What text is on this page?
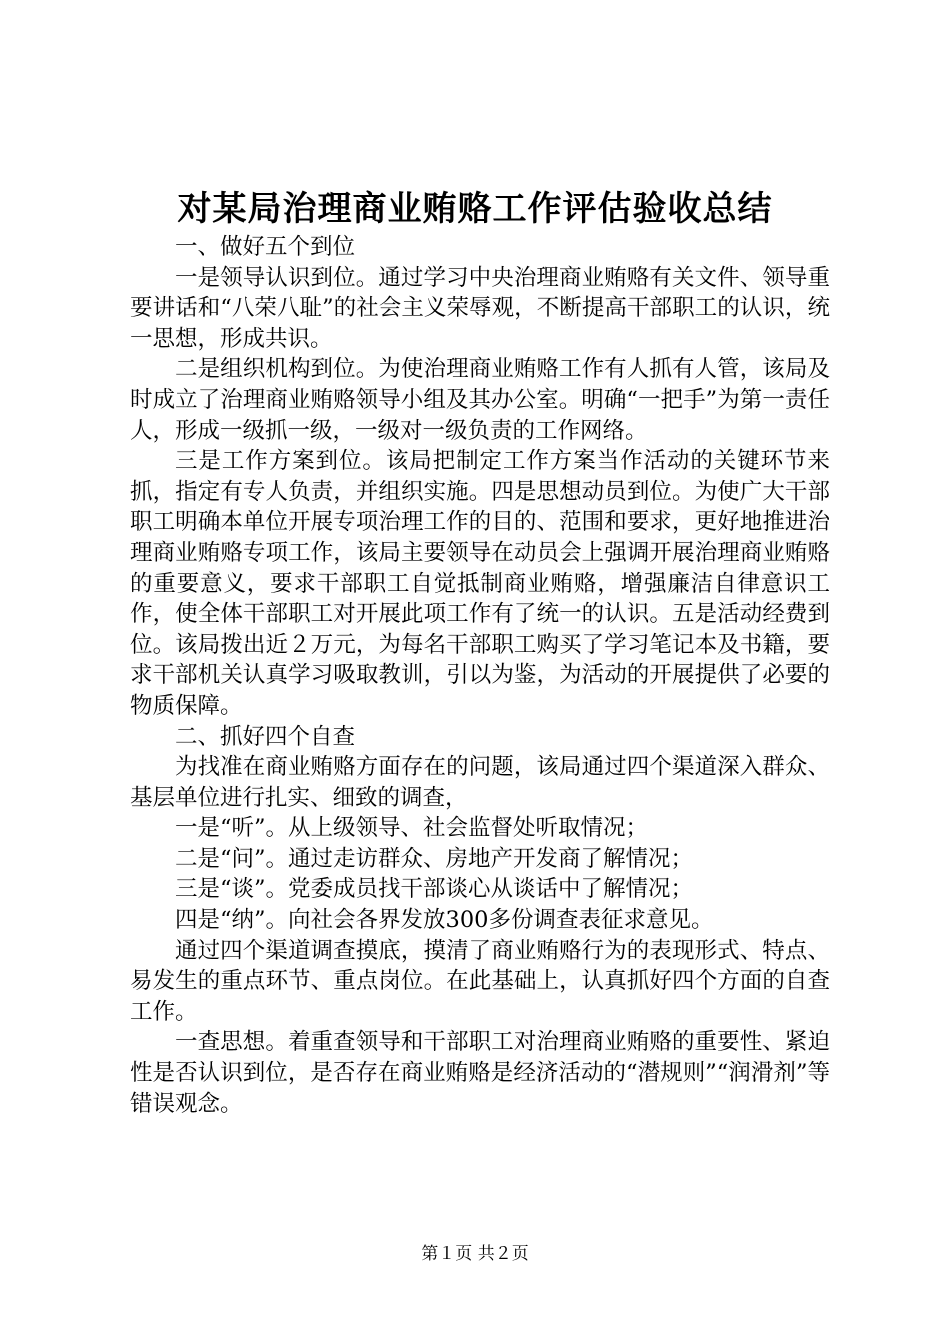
对某局治理商业贿赂工作评估验收总结

一、做好五个到位

一是领导认识到位。通过学习中央治理商业贿赂有关文件、领导重要讲话和“八荣八耻”的社会主义荣辱观，不断提高干部职工的认识，统一思想，形成共识。

二是组织机构到位。为使治理商业贿赂工作有人抓有人管，该局及时成立了治理商业贿赂领导小组及其办公室。明确“一把手”为第一责任人，形成一级抓一级，一级对一级负责的工作网络。

三是工作方案到位。该局把制定工作方案当作活动的关键环节来抓，指定有专人负责，并组织实施。四是思想动员到位。为使广大干部职工明确本单位开展专项治理工作的目的、范围和要求，更好地推进治理商业贿赂专项工作，该局主要领导在动员会上强调开展治理商业贿赂的重要意义，要求干部职工自觉抵制商业贿赂，增强廉洁自律意识工作，使全体干部职工对开展此项工作有了统一的认识。五是活动经费到位。该局拨出近２万元，为每名干部职工购买了学习笔记本及书籍，要求干部机关认真学习吸取教训，引以为鉴，为活动的开展提供了必要的物质保障。

二、抓好四个自查

为找准在商业贿赂方面存在的问题，该局通过四个渠道深入群众、基层单位进行扎实、细致的调查，

一是“听”。从上级领导、社会监督处听取情况；

二是“问”。通过走访群众、房地产开发商了解情况；

三是“谈”。党委成员找干部谈心从谈话中了解情况；

四是“纳”。向社会各界发放300多份调查表征求意见。

通过四个渠道调查摸底，摸清了商业贿赂行为的表现形式、特点、易发生的重点环节、重点岗位。在此基础上，认真抓好四个方面的自查工作。

一查思想。着重查领导和干部职工对治理商业贿赂的重要性、紧迫性是否认识到位，是否存在商业贿赂是经济活动的“潜规则”“润滑剂”等错误观念。

第１页 共２页
